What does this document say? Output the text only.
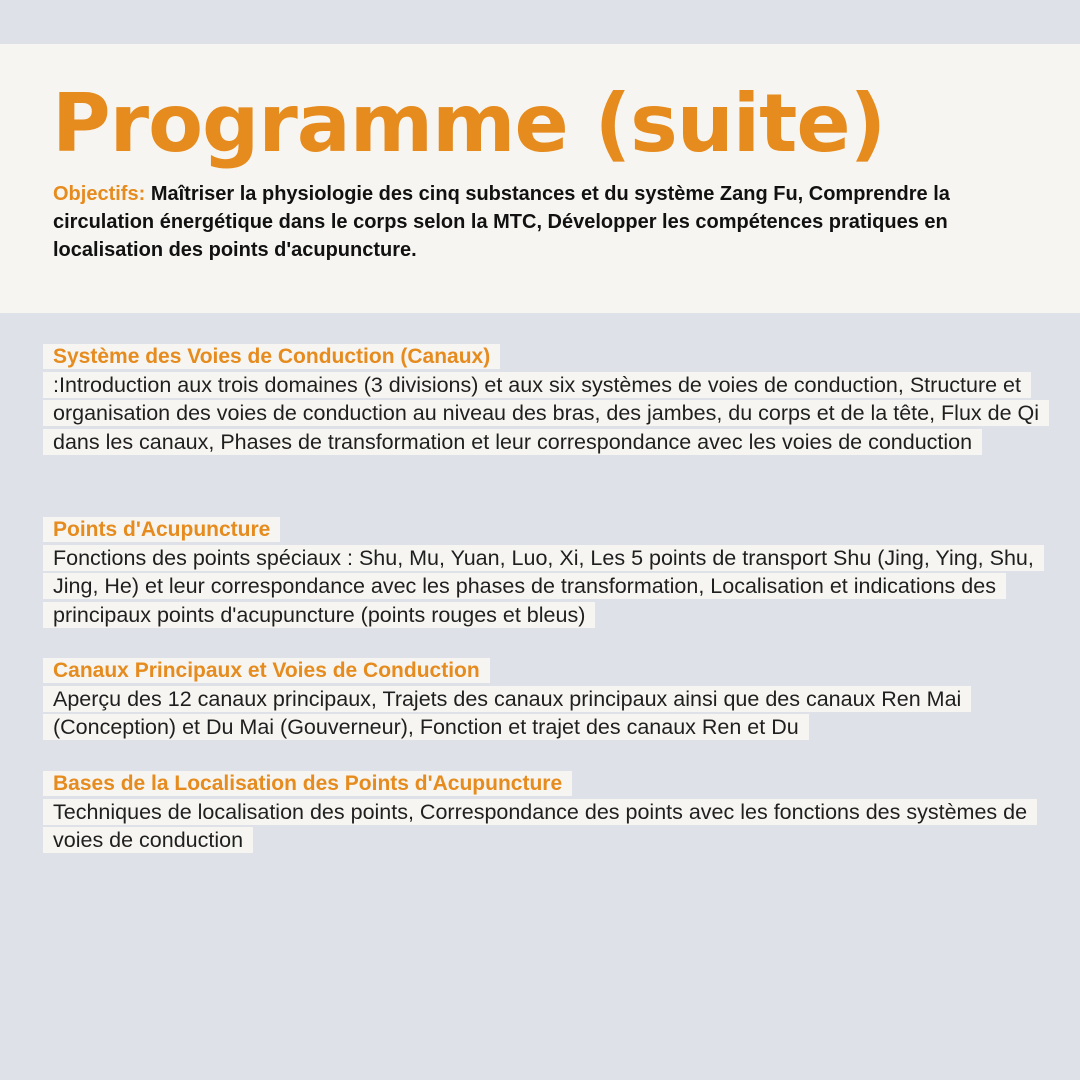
Programme (suite)

Objectifs: Maîtriser la physiologie des cinq substances et du système Zang Fu, Comprendre la circulation énergétique dans le corps selon la MTC, Développer les compétences pratiques en localisation des points d'acupuncture.

Système des Voies de Conduction (Canaux)

:Introduction aux trois domaines (3 divisions) et aux six systèmes de voies de conduction, Structure et organisation des voies de conduction au niveau des bras, des jambes, du corps et de la tête, Flux de Qi dans les canaux, Phases de transformation et leur correspondance avec les voies de conduction

Points d'Acupuncture

Fonctions des points spéciaux : Shu, Mu, Yuan, Luo, Xi, Les 5 points de transport Shu (Jing, Ying, Shu, Jing, He) et leur correspondance avec les phases de transformation, Localisation et indications des principaux points d'acupuncture (points rouges et bleus)

Canaux Principaux et Voies de Conduction

Aperçu des 12 canaux principaux, Trajets des canaux principaux ainsi que des canaux Ren Mai (Conception) et Du Mai (Gouverneur), Fonction et trajet des canaux Ren et Du

Bases de la Localisation des Points d'Acupuncture

Techniques de localisation des points, Correspondance des points avec les fonctions des systèmes de voies de conduction
